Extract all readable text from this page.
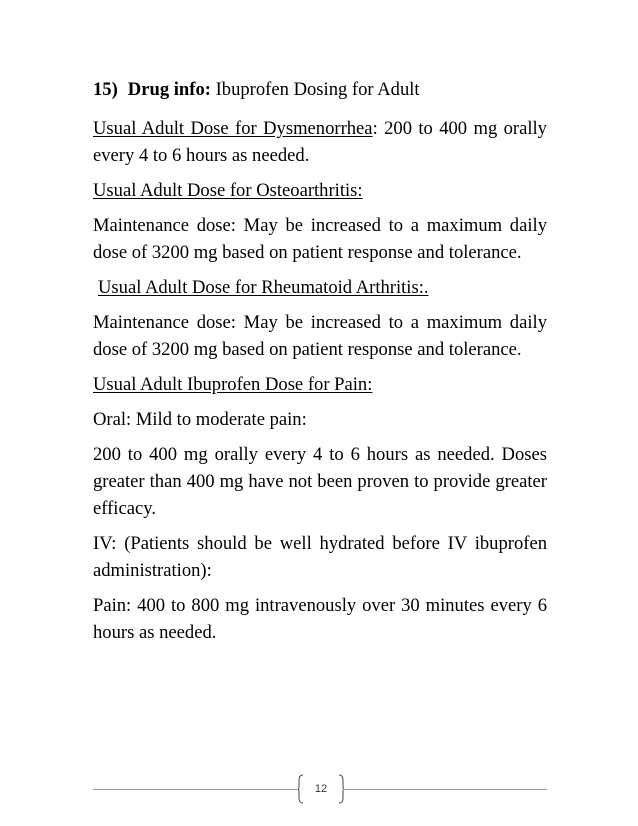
15) Drug info: Ibuprofen Dosing for Adult

Usual Adult Dose for Dysmenorrhea: 200 to 400 mg orally every 4 to 6 hours as needed.

Usual Adult Dose for Osteoarthritis:

Maintenance dose: May be increased to a maximum daily dose of 3200 mg based on patient response and tolerance.

Usual Adult Dose for Rheumatoid Arthritis:.

Maintenance dose: May be increased to a maximum daily dose of 3200 mg based on patient response and tolerance.

Usual Adult Ibuprofen Dose for Pain:

Oral: Mild to moderate pain:

200 to 400 mg orally every 4 to 6 hours as needed. Doses greater than 400 mg have not been proven to provide greater efficacy.

IV: (Patients should be well hydrated before IV ibuprofen administration):

Pain: 400 to 800 mg intravenously over 30 minutes every 6 hours as needed.

12
